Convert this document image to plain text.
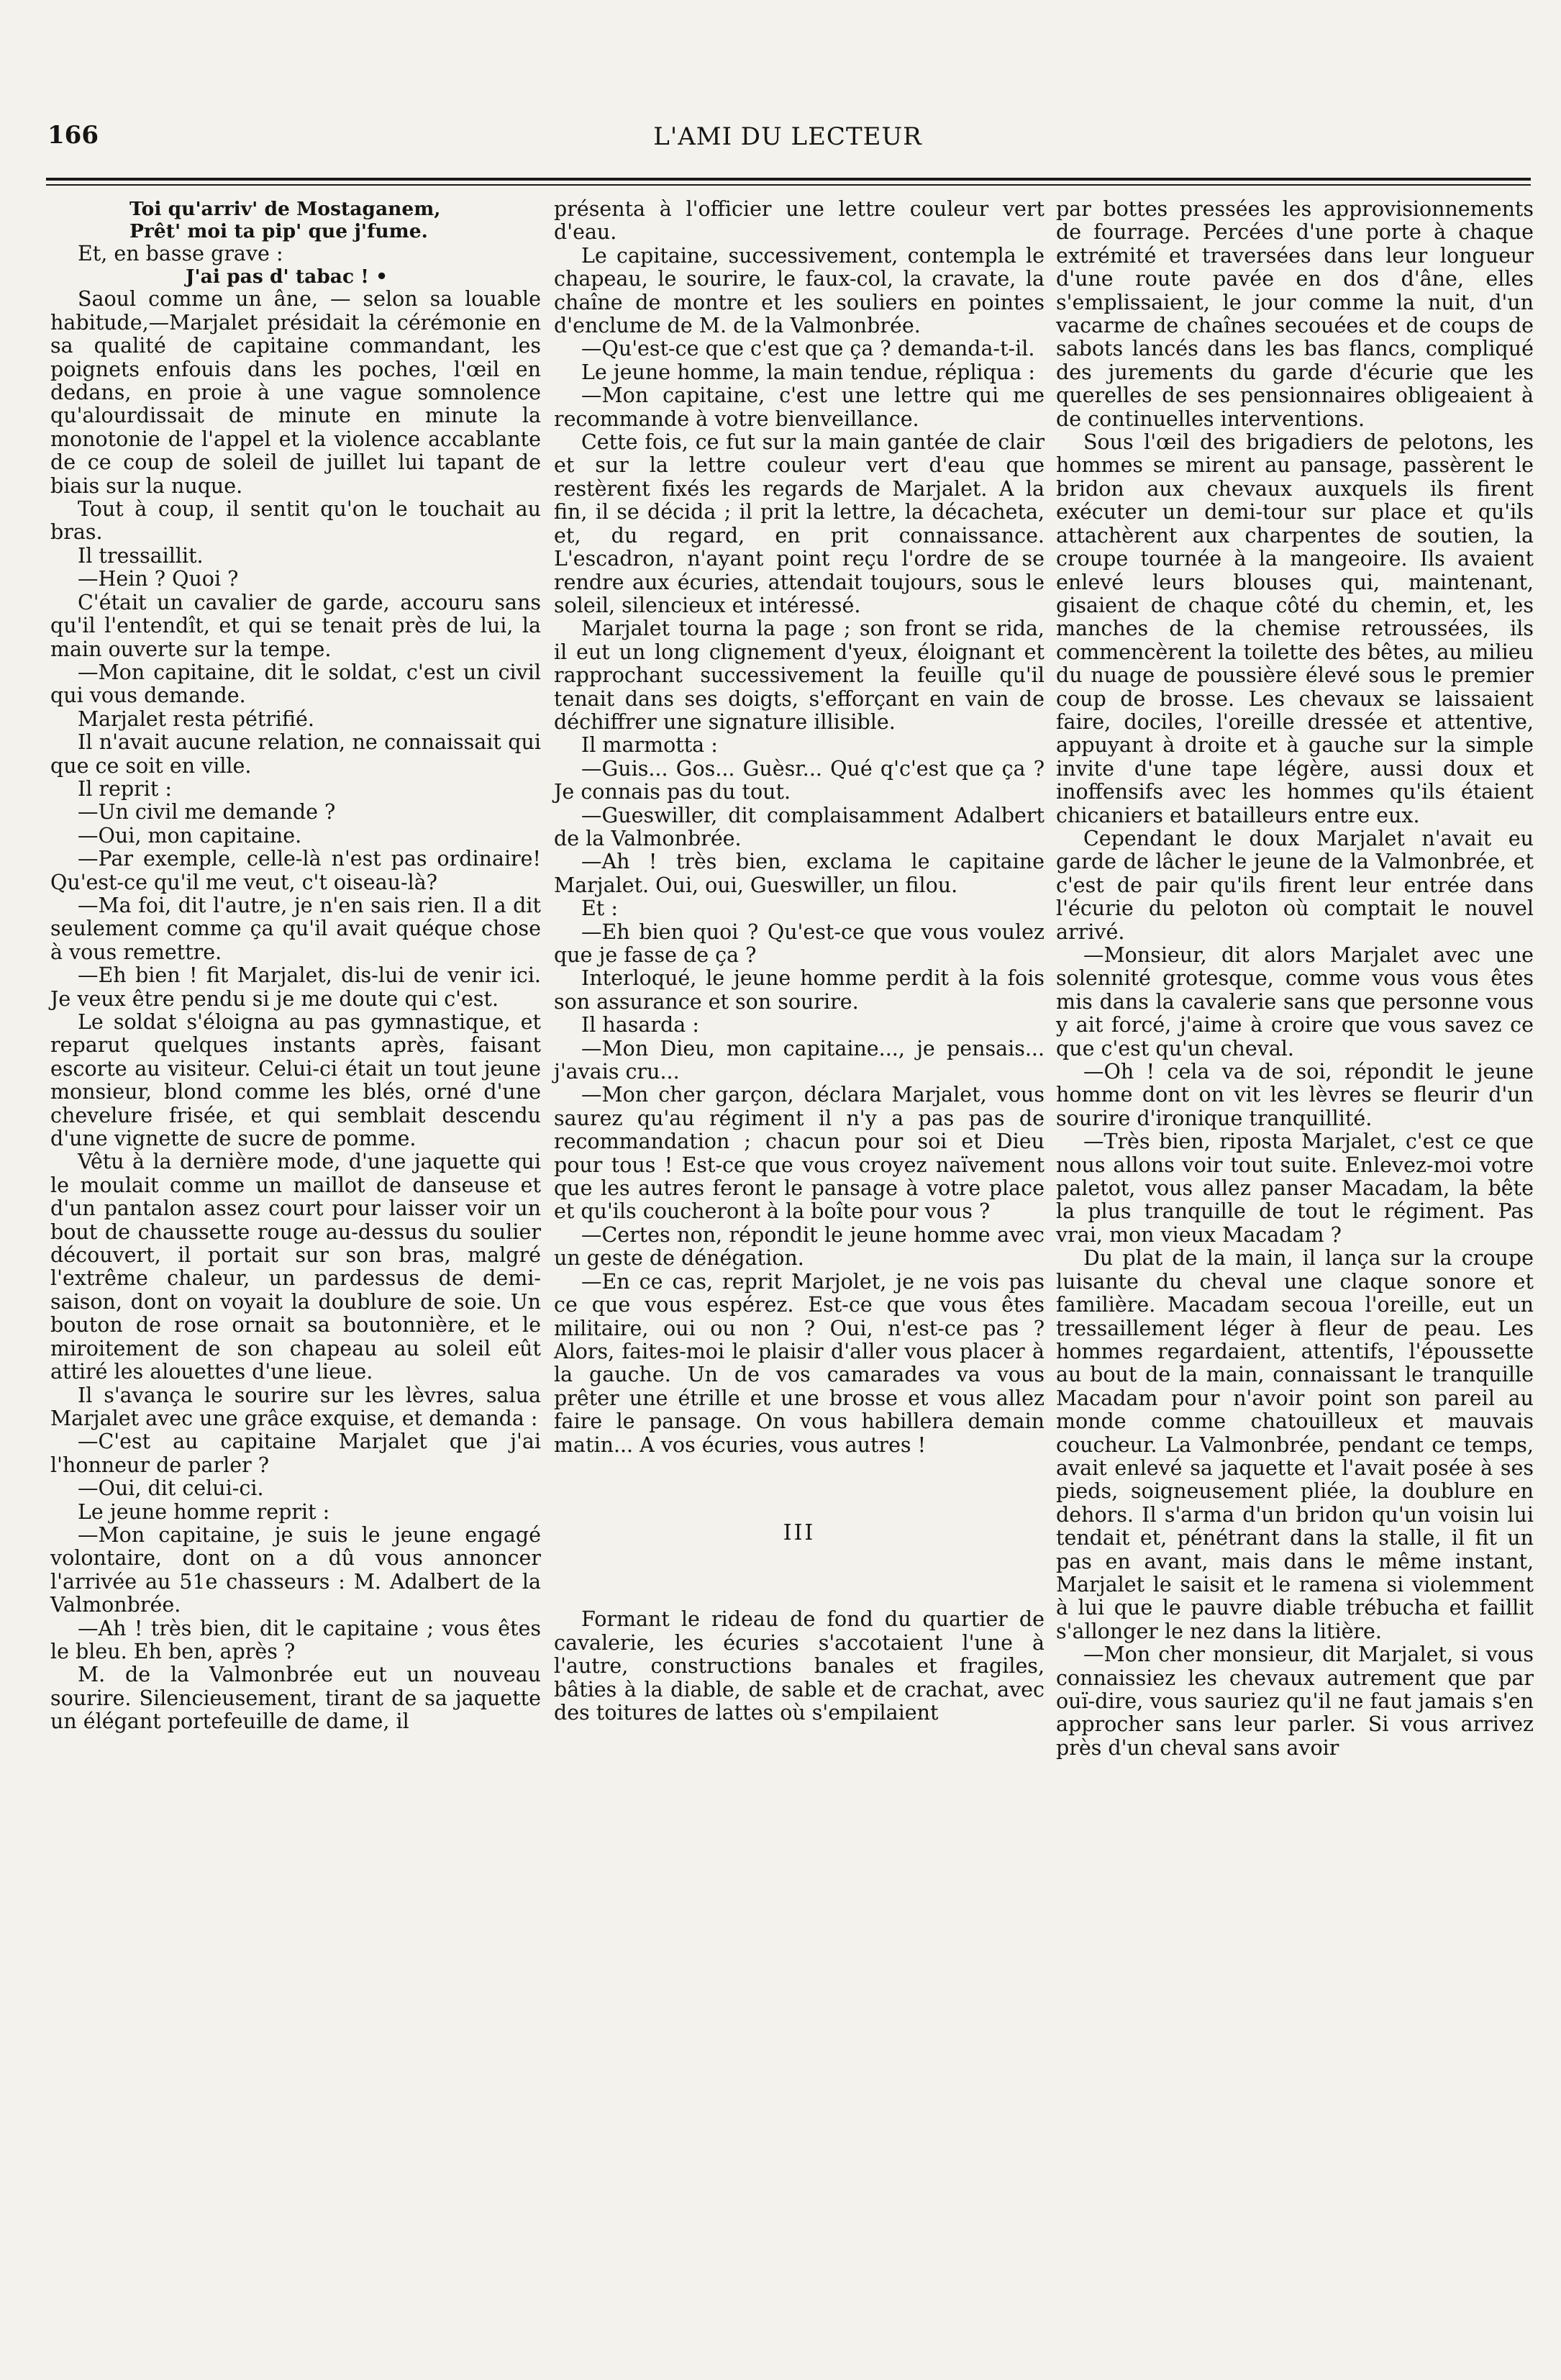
166	L'AMI DU LECTEUR

Toi qu'arriv' de Mostaganem,

Prêt' moi ta pip' que j'fume.

Et, en basse grave :

J'ai pas d' tabac ! •

Saoul comme un âne, — selon sa louable habitude,—Marjalet présidait la cérémonie en sa qualité de capitaine commandant, les poignets enfouis dans les poches, l'œil en dedans, en proie à une vague somnolence qu'alourdissait de minute en minute la monotonie de l'appel et la violence accablante de ce coup de soleil de juillet lui tapant de biais sur la nuque.

Tout à coup, il sentit qu'on le touchait au bras.

Il tressaillit.

—Hein ? Quoi ?

C'était un cavalier de garde, accouru sans qu'il l'entendît, et qui se tenait près de lui, la main ouverte sur la tempe.

—Mon capitaine, dit le soldat, c'est un civil qui vous demande.

Marjalet resta pétrifié.

Il n'avait aucune relation, ne connaissait qui que ce soit en ville.

Il reprit :

—Un civil me demande ?

—Oui, mon capitaine.

—Par exemple, celle-là n'est pas ordinaire! Qu'est-ce qu'il me veut, c't oiseau-là?

—Ma foi, dit l'autre, je n'en sais rien. Il a dit seulement comme ça qu'il avait quéque chose à vous remettre.

—Eh bien ! fit Marjalet, dis-lui de venir ici. Je veux être pendu si je me doute qui c'est.

Le soldat s'éloigna au pas gymnastique, et reparut quelques instants après, faisant escorte au visiteur. Celui-ci était un tout jeune monsieur, blond comme les blés, orné d'une chevelure frisée, et qui semblait descendu d'une vignette de sucre de pomme.

Vêtu à la dernière mode, d'une jaquette qui le moulait comme un maillot de danseuse et d'un pantalon assez court pour laisser voir un bout de chaussette rouge au-dessus du soulier découvert, il portait sur son bras, malgré l'extrême chaleur, un pardessus de demi-saison, dont on voyait la doublure de soie. Un bouton de rose ornait sa boutonnière, et le miroitement de son chapeau au soleil eût attiré les alouettes d'une lieue.

Il s'avança le sourire sur les lèvres, salua Marjalet avec une grâce exquise, et demanda :

—C'est au capitaine Marjalet que j'ai l'honneur de parler ?

—Oui, dit celui-ci.

Le jeune homme reprit :

—Mon capitaine, je suis le jeune engagé volontaire, dont on a dû vous annoncer l'arrivée au 51e chasseurs : M. Adalbert de la Valmonbrée.

—Ah ! très bien, dit le capitaine ; vous êtes le bleu. Eh ben, après ?

M. de la Valmonbrée eut un nouveau sourire. Silencieusement, tirant de sa jaquette un élégant portefeuille de dame, il

présenta à l'officier une lettre couleur vert d'eau.

Le capitaine, successivement, contempla le chapeau, le sourire, le faux-col, la cravate, la chaîne de montre et les souliers en pointes d'enclume de M. de la Valmonbrée.

—Qu'est-ce que c'est que ça ? demanda-t-il.

Le jeune homme, la main tendue, répliqua :

—Mon capitaine, c'est une lettre qui me recommande à votre bienveillance.

Cette fois, ce fut sur la main gantée de clair et sur la lettre couleur vert d'eau que restèrent fixés les regards de Marjalet. A la fin, il se décida ; il prit la lettre, la décacheta, et, du regard, en prit connaissance. L'escadron, n'ayant point reçu l'ordre de se rendre aux écuries, attendait toujours, sous le soleil, silencieux et intéressé.

Marjalet tourna la page ; son front se rida, il eut un long clignement d'yeux, éloignant et rapprochant successivement la feuille qu'il tenait dans ses doigts, s'efforçant en vain de déchiffrer une signature illisible.

Il marmotta :

—Guis... Gos... Guèsr... Qué q'c'est que ça ? Je connais pas du tout.

—Gueswiller, dit complaisamment Adalbert de la Valmonbrée.

—Ah ! très bien, exclama le capitaine Marjalet. Oui, oui, Gueswiller, un filou.

Et :

—Eh bien quoi ? Qu'est-ce que vous voulez que je fasse de ça ?

Interloqué, le jeune homme perdit à la fois son assurance et son sourire.

Il hasarda :

—Mon Dieu, mon capitaine..., je pensais... j'avais cru...

—Mon cher garçon, déclara Marjalet, vous saurez qu'au régiment il n'y a pas pas de recommandation ; chacun pour soi et Dieu pour tous ! Est-ce que vous croyez naïvement que les autres feront le pansage à votre place et qu'ils coucheront à la boîte pour vous ?

—Certes non, répondit le jeune homme avec un geste de dénégation.

—En ce cas, reprit Marjolet, je ne vois pas ce que vous espérez. Est-ce que vous êtes militaire, oui ou non ? Oui, n'est-ce pas ? Alors, faites-moi le plaisir d'aller vous placer à la gauche. Un de vos camarades va vous prêter une étrille et une brosse et vous allez faire le pansage. On vous habillera demain matin... A vos écuries, vous autres !

III

Formant le rideau de fond du quartier de cavalerie, les écuries s'accotaient l'une à l'autre, constructions banales et fragiles, bâties à la diable, de sable et de crachat, avec des toitures de lattes où s'empilaient

par bottes pressées les approvisionnements de fourrage. Percées d'une porte à chaque extrémité et traversées dans leur longueur d'une route pavée en dos d'âne, elles s'emplissaient, le jour comme la nuit, d'un vacarme de chaînes secouées et de coups de sabots lancés dans les bas flancs, compliqué des jurements du garde d'écurie que les querelles de ses pensionnaires obligeaient à de continuelles interventions.

Sous l'œil des brigadiers de pelotons, les hommes se mirent au pansage, passèrent le bridon aux chevaux auxquels ils firent exécuter un demi-tour sur place et qu'ils attachèrent aux charpentes de soutien, la croupe tournée à la mangeoire. Ils avaient enlevé leurs blouses qui, maintenant, gisaient de chaque côté du chemin, et, les manches de la chemise retroussées, ils commencèrent la toilette des bêtes, au milieu du nuage de poussière élevé sous le premier coup de brosse. Les chevaux se laissaient faire, dociles, l'oreille dressée et attentive, appuyant à droite et à gauche sur la simple invite d'une tape légère, aussi doux et inoffensifs avec les hommes qu'ils étaient chicaniers et batailleurs entre eux.

Cependant le doux Marjalet n'avait eu garde de lâcher le jeune de la Valmonbrée, et c'est de pair qu'ils firent leur entrée dans l'écurie du peloton où comptait le nouvel arrivé.

—Monsieur, dit alors Marjalet avec une solennité grotesque, comme vous vous êtes mis dans la cavalerie sans que personne vous y ait forcé, j'aime à croire que vous savez ce que c'est qu'un cheval.

—Oh ! cela va de soi, répondit le jeune homme dont on vit les lèvres se fleurir d'un sourire d'ironique tranquillité.

—Très bien, riposta Marjalet, c'est ce que nous allons voir tout suite. Enlevez-moi votre paletot, vous allez panser Macadam, la bête la plus tranquille de tout le régiment. Pas vrai, mon vieux Macadam ?

Du plat de la main, il lança sur la croupe luisante du cheval une claque sonore et familière. Macadam secoua l'oreille, eut un tressaillement léger à fleur de peau. Les hommes regardaient, attentifs, l'époussette au bout de la main, connaissant le tranquille Macadam pour n'avoir point son pareil au monde comme chatouilleux et mauvais coucheur. La Valmonbrée, pendant ce temps, avait enlevé sa jaquette et l'avait posée à ses pieds, soigneusement pliée, la doublure en dehors. Il s'arma d'un bridon qu'un voisin lui tendait et, pénétrant dans la stalle, il fit un pas en avant, mais dans le même instant, Marjalet le saisit et le ramena si violemment à lui que le pauvre diable trébucha et faillit s'allonger le nez dans la litière.

—Mon cher monsieur, dit Marjalet, si vous connaissiez les chevaux autrement que par ouï-dire, vous sauriez qu'il ne faut jamais s'en approcher sans leur parler. Si vous arrivez près d'un cheval sans avoir
